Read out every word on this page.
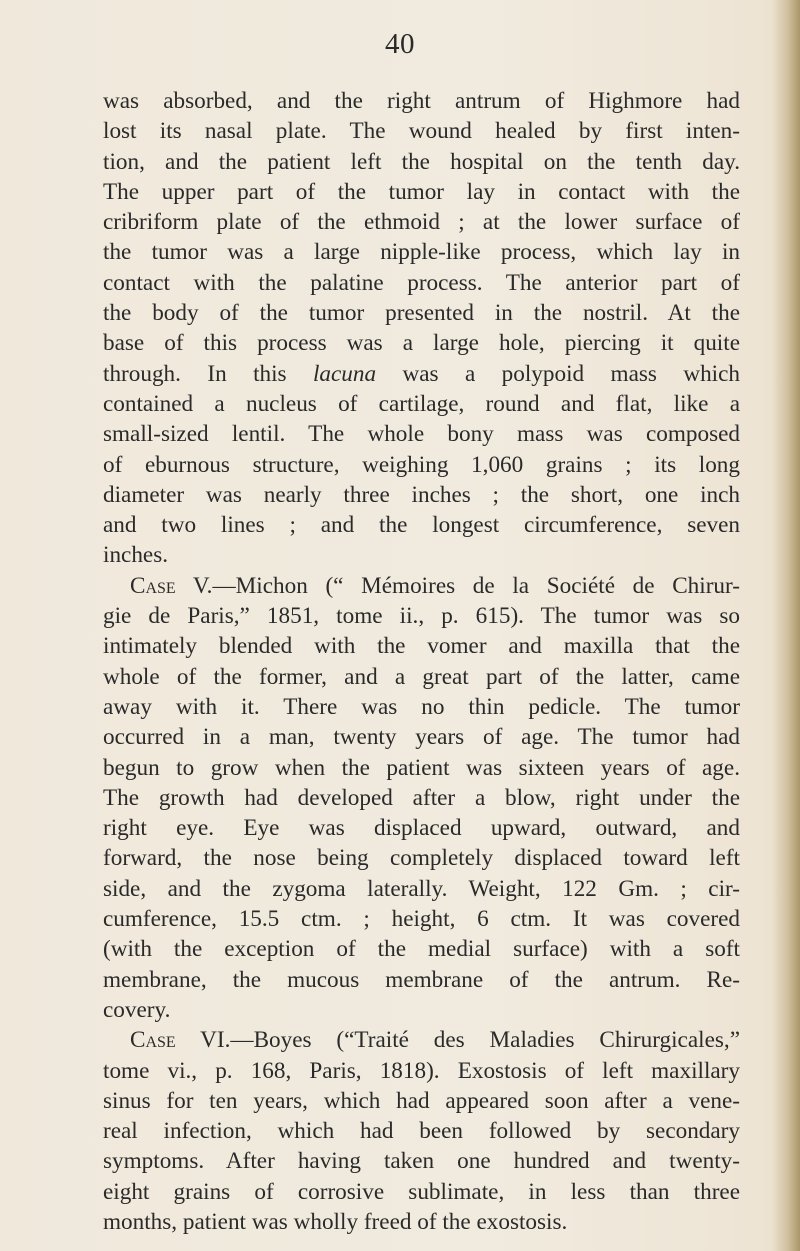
40
was absorbed, and the right antrum of Highmore had
lost its nasal plate. The wound healed by first inten-
tion, and the patient left the hospital on the tenth day.
The upper part of the tumor lay in contact with the
cribriform plate of the ethmoid ; at the lower surface of
the tumor was a large nipple-like process, which lay in
contact with the palatine process. The anterior part of
the body of the tumor presented in the nostril. At the
base of this process was a large hole, piercing it quite
through. In this lacuna was a polypoid mass which
contained a nucleus of cartilage, round and flat, like a
small-sized lentil. The whole bony mass was composed
of eburnous structure, weighing 1,060 grains ; its long
diameter was nearly three inches ; the short, one inch
and two lines ; and the longest circumference, seven
inches.
Case V.—Michon (“ Mémoires de la Société de Chirur-
gie de Paris,” 1851, tome ii., p. 615). The tumor was so
intimately blended with the vomer and maxilla that the
whole of the former, and a great part of the latter, came
away with it. There was no thin pedicle. The tumor
occurred in a man, twenty years of age. The tumor had
begun to grow when the patient was sixteen years of age.
The growth had developed after a blow, right under the
right eye. Eye was displaced upward, outward, and
forward, the nose being completely displaced toward left
side, and the zygoma laterally. Weight, 122 Gm. ; cir-
cumference, 15.5 ctm. ; height, 6 ctm. It was covered
(with the exception of the medial surface) with a soft
membrane, the mucous membrane of the antrum. Re-
covery.
Case VI.—Boyes (“Traité des Maladies Chirurgicales,”
tome vi., p. 168, Paris, 1818). Exostosis of left maxillary
sinus for ten years, which had appeared soon after a vene-
real infection, which had been followed by secondary
symptoms. After having taken one hundred and twenty-
eight grains of corrosive sublimate, in less than three
months, patient was wholly freed of the exostosis.
